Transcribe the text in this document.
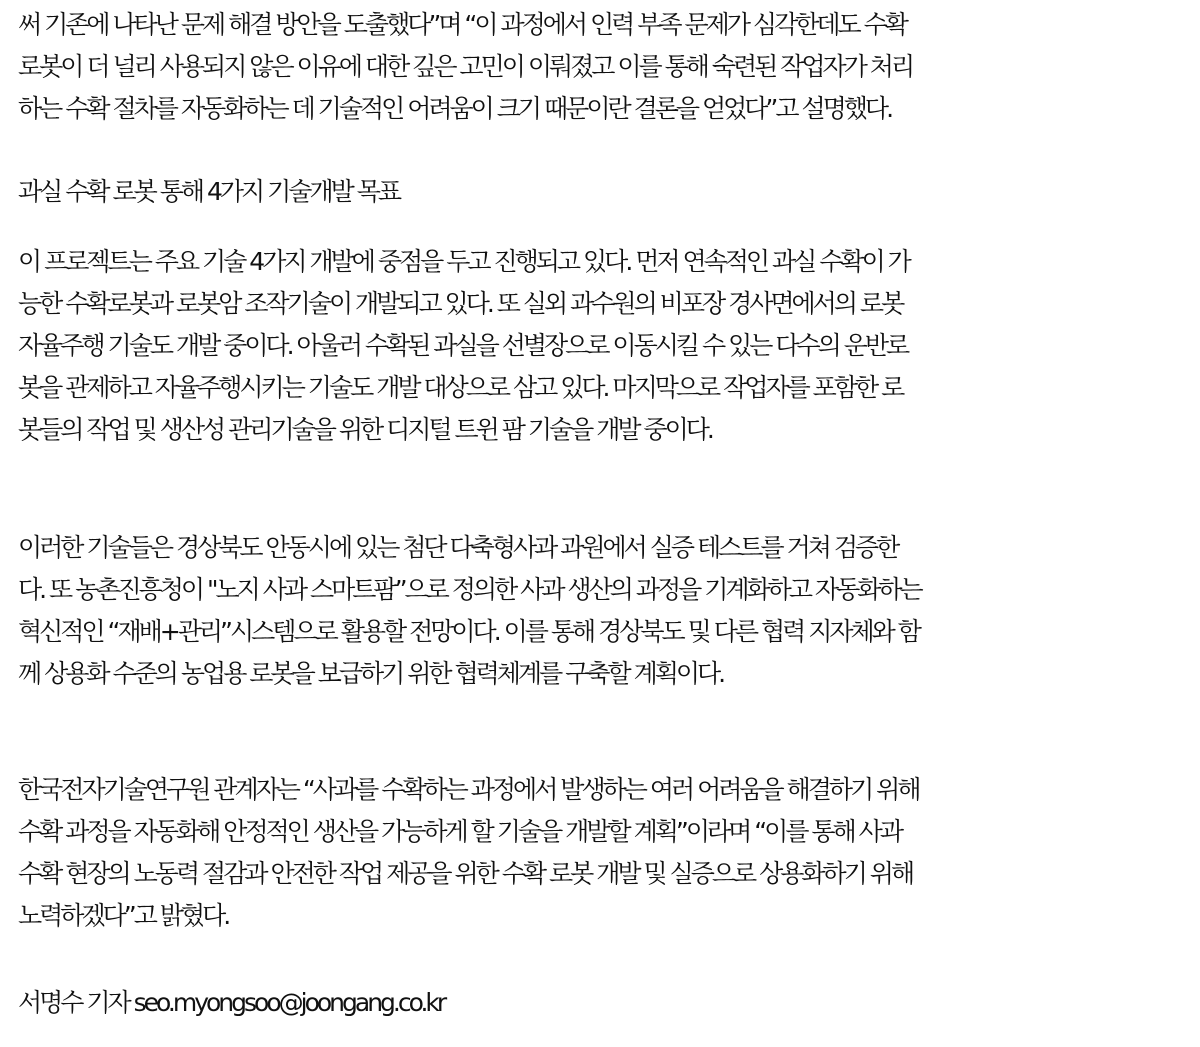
써 기존에 나타난 문제 해결 방안을 도출했다”며 “이 과정에서 인력 부족 문제가 심각한데도 수확
로봇이 더 널리 사용되지 않은 이유에 대한 깊은 고민이 이뤄졌고 이를 통해 숙련된 작업자가 처리
하는 수확 절차를 자동화하는 데 기술적인 어려움이 크기 때문이란 결론을 얻었다”고 설명했다.
과실 수확 로봇 통해 4가지 기술개발 목표
이 프로젝트는 주요 기술 4가지 개발에 중점을 두고 진행되고 있다. 먼저 연속적인 과실 수확이 가
능한 수확로봇과 로봇암 조작기술이 개발되고 있다. 또 실외 과수원의 비포장 경사면에서의 로봇
자율주행 기술도 개발 중이다. 아울러 수확된 과실을 선별장으로 이동시킬 수 있는 다수의 운반로
봇을 관제하고 자율주행시키는 기술도 개발 대상으로 삼고 있다. 마지막으로 작업자를 포함한 로
봇들의 작업 및 생산성 관리기술을 위한 디지털 트윈 팜 기술을 개발 중이다.
이러한 기술들은 경상북도 안동시에 있는 첨단 다축형사과 과원에서 실증 테스트를 거쳐 검증한
다. 또 농촌진흥청이 "노지 사과 스마트팜”으로 정의한 사과 생산의 과정을 기계화하고 자동화하는
혁신적인 “재배+관리”시스템으로 활용할 전망이다. 이를 통해 경상북도 및 다른 협력 지자체와 함
께 상용화 수준의 농업용 로봇을 보급하기 위한 협력체계를 구축할 계획이다.
한국전자기술연구원 관계자는 “사과를 수확하는 과정에서 발생하는 여러 어려움을 해결하기 위해
수확 과정을 자동화해 안정적인 생산을 가능하게 할 기술을 개발할 계획”이라며 “이를 통해 사과
수확 현장의 노동력 절감과 안전한 작업 제공을 위한 수확 로봇 개발 및 실증으로 상용화하기 위해
노력하겠다”고 밝혔다.
서명수 기자 seo.myongsoo@joongang.co.kr
